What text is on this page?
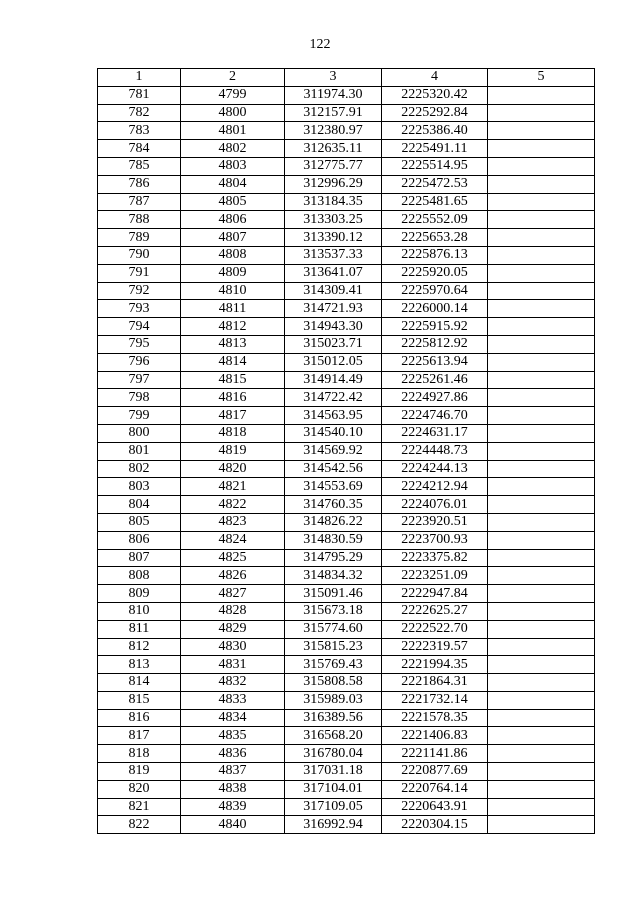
122
1	2	3	4	5
781	4799	311974.30	2225320.42	
782	4800	312157.91	2225292.84	
783	4801	312380.97	2225386.40	
784	4802	312635.11	2225491.11	
785	4803	312775.77	2225514.95	
786	4804	312996.29	2225472.53	
787	4805	313184.35	2225481.65	
788	4806	313303.25	2225552.09	
789	4807	313390.12	2225653.28	
790	4808	313537.33	2225876.13	
791	4809	313641.07	2225920.05	
792	4810	314309.41	2225970.64	
793	4811	314721.93	2226000.14	
794	4812	314943.30	2225915.92	
795	4813	315023.71	2225812.92	
796	4814	315012.05	2225613.94	
797	4815	314914.49	2225261.46	
798	4816	314722.42	2224927.86	
799	4817	314563.95	2224746.70	
800	4818	314540.10	2224631.17	
801	4819	314569.92	2224448.73	
802	4820	314542.56	2224244.13	
803	4821	314553.69	2224212.94	
804	4822	314760.35	2224076.01	
805	4823	314826.22	2223920.51	
806	4824	314830.59	2223700.93	
807	4825	314795.29	2223375.82	
808	4826	314834.32	2223251.09	
809	4827	315091.46	2222947.84	
810	4828	315673.18	2222625.27	
811	4829	315774.60	2222522.70	
812	4830	315815.23	2222319.57	
813	4831	315769.43	2221994.35	
814	4832	315808.58	2221864.31	
815	4833	315989.03	2221732.14	
816	4834	316389.56	2221578.35	
817	4835	316568.20	2221406.83	
818	4836	316780.04	2221141.86	
819	4837	317031.18	2220877.69	
820	4838	317104.01	2220764.14	
821	4839	317109.05	2220643.91	
822	4840	316992.94	2220304.15	
